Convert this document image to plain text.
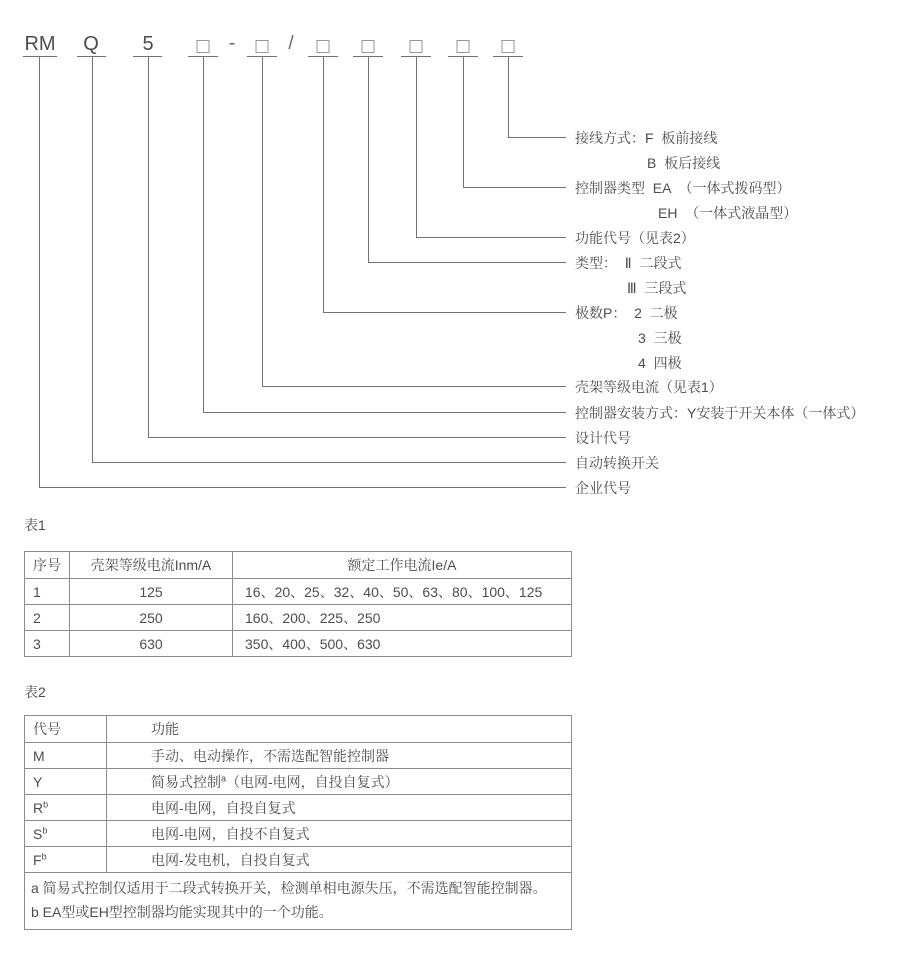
RM Q 5	-	/
接线方式：F  板前接线
B  板后接线
控制器类型  EA  （一体式拨码型）
EH  （一体式液晶型）
功能代号（见表2）
类型：  Ⅱ  二段式
Ⅲ  三段式
极数P：  2  二极
3  三极
4  四极
壳架等级电流（见表1）
控制器安装方式：Y安装于开关本体（一体式）
设计代号
自动转换开关
企业代号
表1
序号	壳架等级电流Inm/A	额定工作电流Ie/A
1	125	16、20、25、32、40、50、63、80、100、125
2	250	160、200、225、250
3	630	350、400、500、630
表2
代号	功能
M	手动、电动操作，不需选配智能控制器
Y	简易式控制$^a$（电网-电网，自投自复式）
$R^b$	电网-电网，自投自复式
$S^b$	电网-电网，自投不自复式
$F^b$	电网-发电机，自投自复式

a 简易式控制仅适用于二段式转换开关，检测单相电源失压，不需选配智能控制器。
b EA型或EH型控制器均能实现其中的一个功能。	
